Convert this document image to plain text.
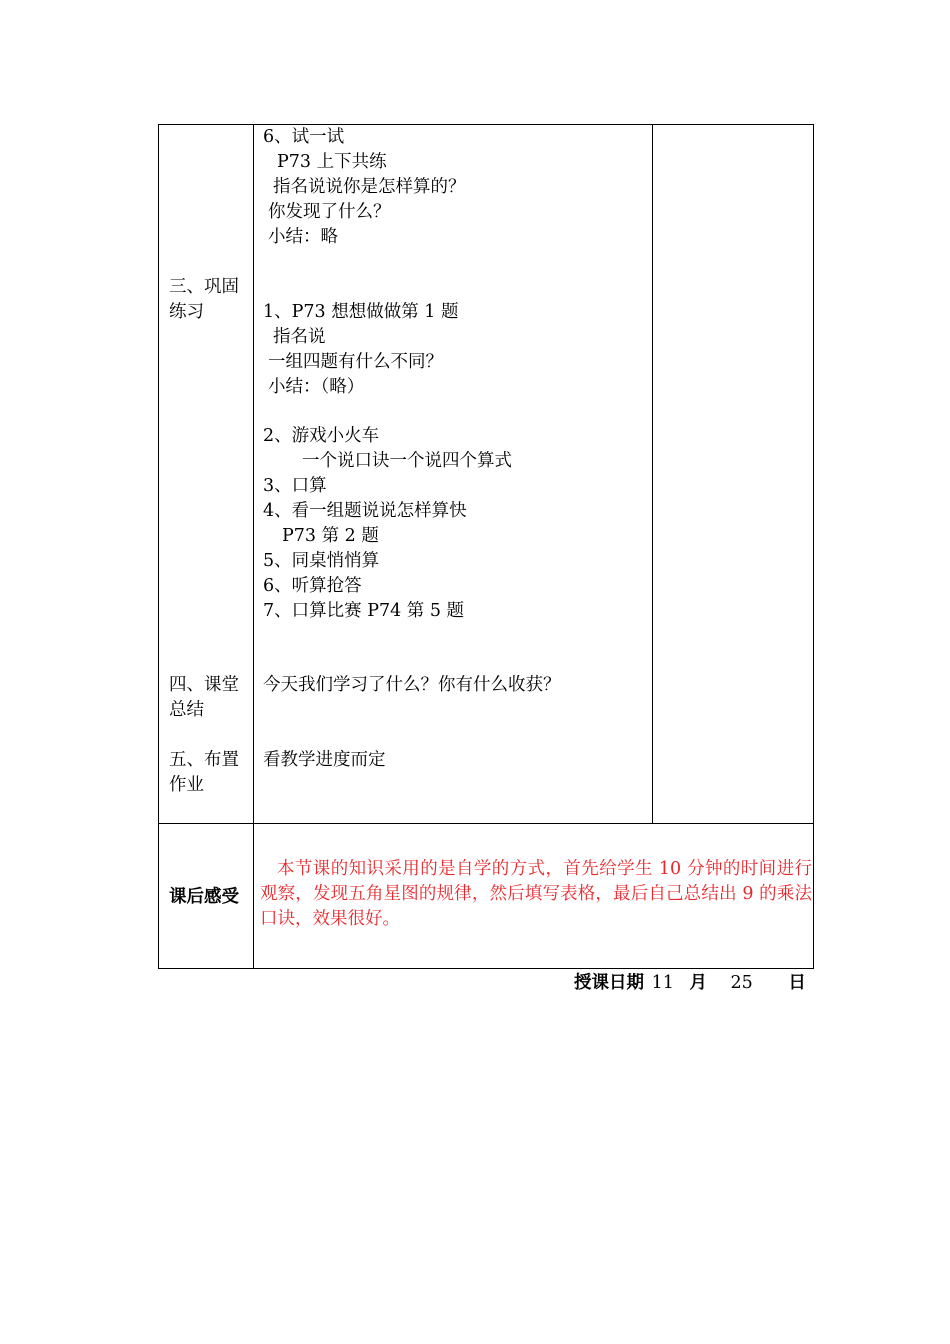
三、巩固练习
四、课堂总结
五、布置作业
6、试一试
P73 上下共练
指名说说你是怎样算的？
你发现了什么？
小结：略
1、P73 想想做做第 1 题
指名说
一组四题有什么不同？
小结：（略）
2、游戏小火车
一个说口诀一个说四个算式
3、口算
4、看一组题说说怎样算快
P73 第 2 题
5、同桌悄悄算
6、听算抢答
7、口算比赛 P74 第 5 题
今天我们学习了什么？你有什么收获？
看教学进度而定
课后感受
本节课的知识采用的是自学的方式，首先给学生 10 分钟的时间进行观察，发现五角星图的规律，然后填写表格，最后自己总结出 9 的乘法口诀，效果很好。
授课日期 11 月 25 日
